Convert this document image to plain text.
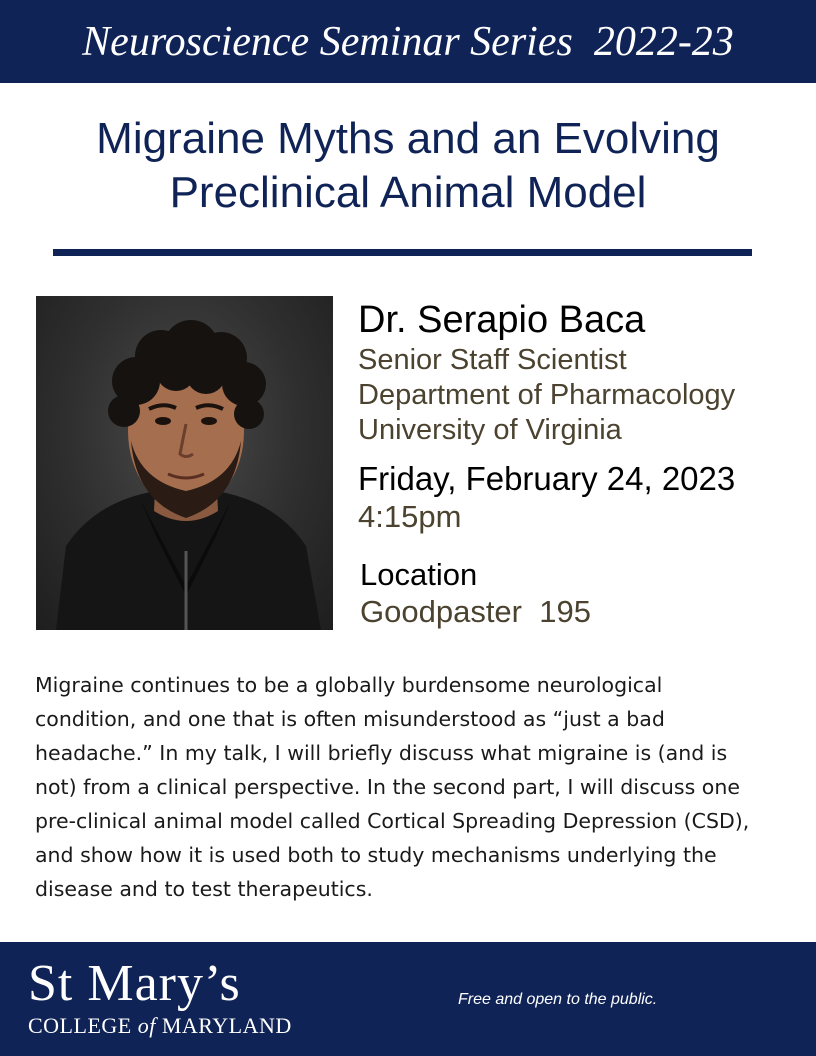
Neuroscience Seminar Series  2022-23
Migraine Myths and an Evolving
Preclinical Animal Model
Dr. Serapio Baca
Senior Staff Scientist
Department of Pharmacology
University of Virginia
Friday, February 24, 2023
4:15pm
Location
Goodpaster  195
Migraine continues to be a globally burdensome neurological
condition, and one that is often misunderstood as “just a bad
headache.” In my talk, I will briefly discuss what migraine is (and is
not) from a clinical perspective. In the second part, I will discuss one
pre-clinical animal model called Cortical Spreading Depression (CSD),
and show how it is used both to study mechanisms underlying the
disease and to test therapeutics.
St Mary’s
COLLEGE of MARYLAND
Free and open to the public.
